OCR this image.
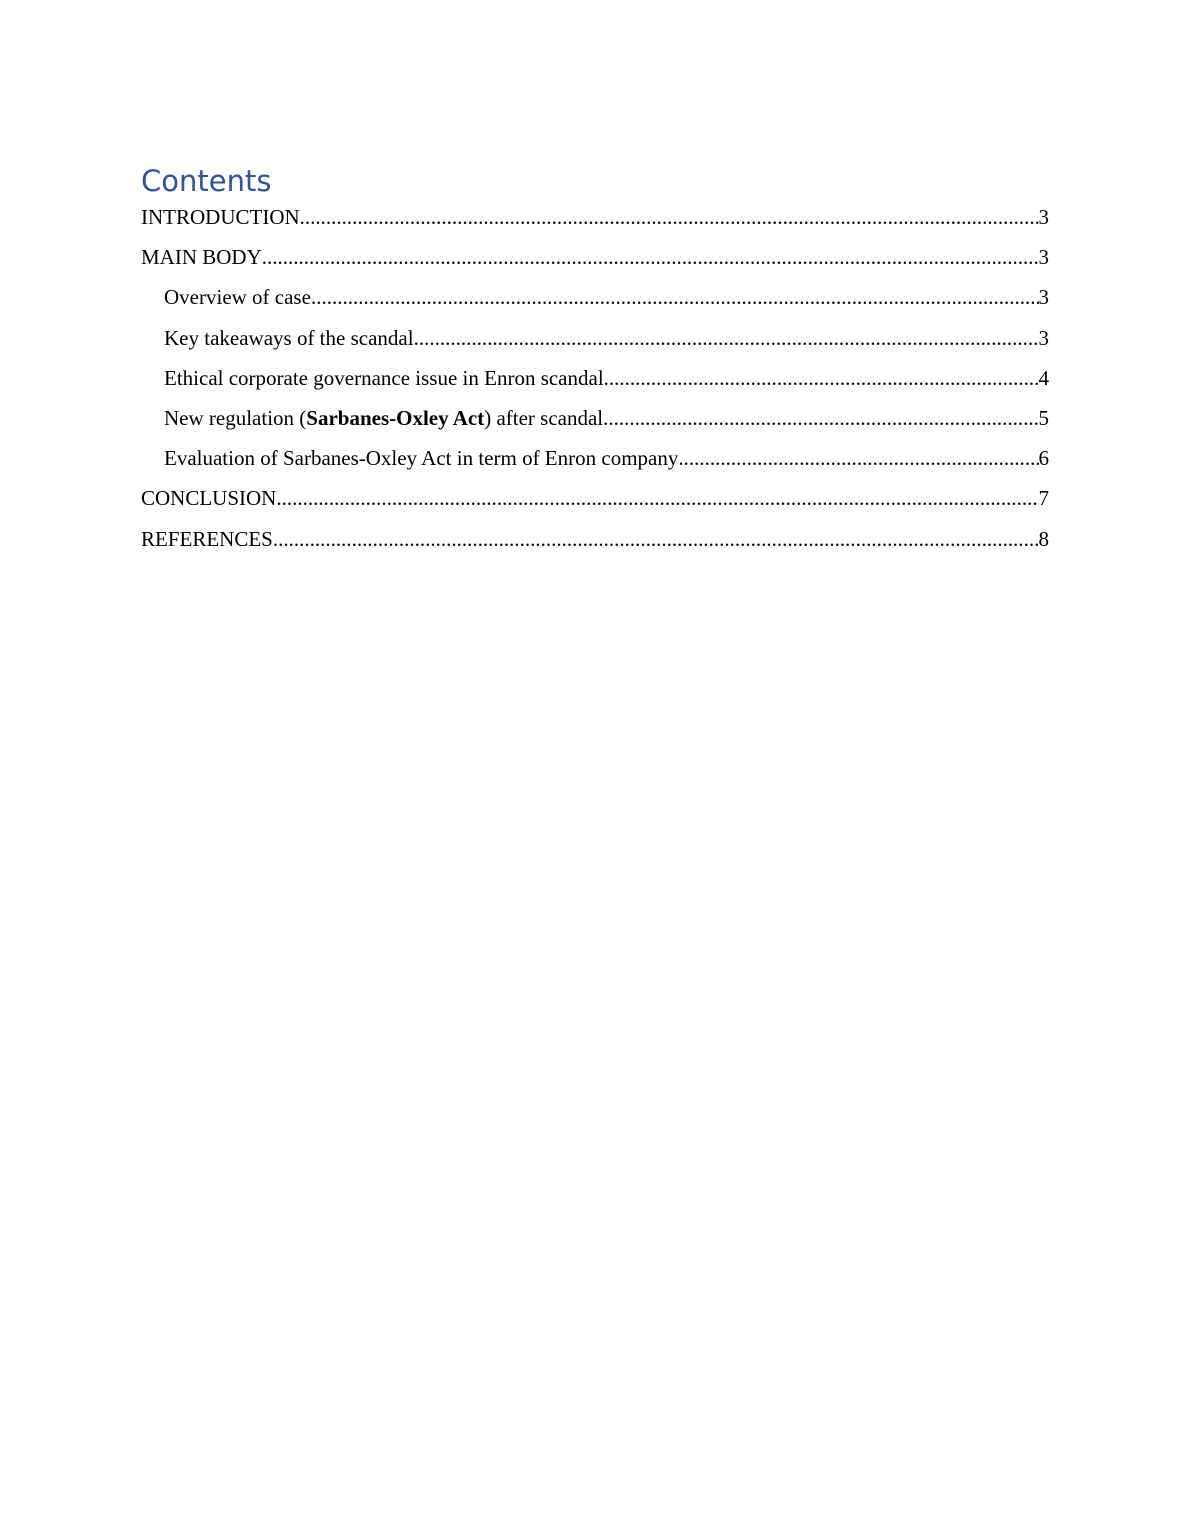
Contents
INTRODUCTION .....	3
MAIN BODY .....	3
Overview of case .....	3
Key takeaways of the scandal .....	3
Ethical corporate governance issue in Enron scandal .....	4
New regulation (Sarbanes-Oxley Act) after scandal .....	5
Evaluation of Sarbanes-Oxley Act in term of Enron company .....	6
CONCLUSION .....	7
REFERENCES .....	8
